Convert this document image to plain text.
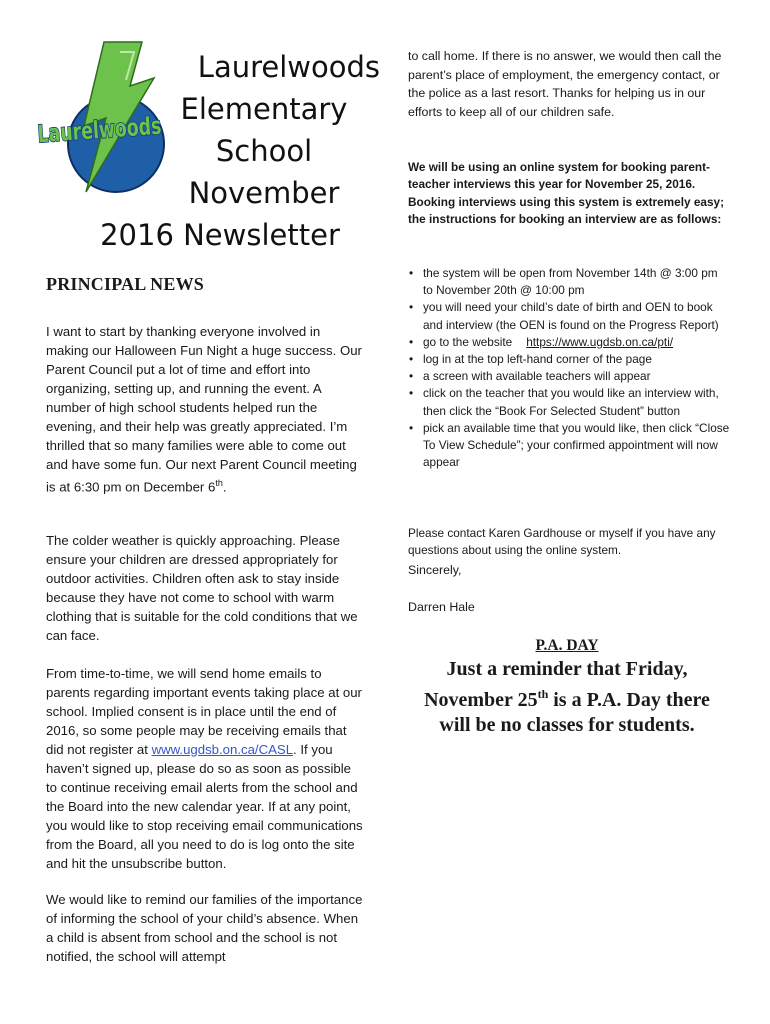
Laurelwoods
Laurelwoods
Elementary
School
November
2016 Newsletter
PRINCIPAL NEWS
I want to start by thanking everyone involved in making our Halloween Fun Night a huge success. Our Parent Council put a lot of time and effort into organizing, setting up, and running the event. A number of high school students helped run the evening, and their help was greatly appreciated. I’m thrilled that so many families were able to come out and have some fun. Our next Parent Council meeting is at 6:30 pm on December 6th.
The colder weather is quickly approaching. Please ensure your children are dressed appropriately for outdoor activities. Children often ask to stay inside because they have not come to school with warm clothing that is suitable for the cold conditions that we can face.
From time-to-time, we will send home emails to parents regarding important events taking place at our school. Implied consent is in place until the end of 2016, so some people may be receiving emails that did not register at www.ugdsb.on.ca/CASL. If you haven’t signed up, please do so as soon as possible to continue receiving email alerts from the school and the Board into the new calendar year. If at any point, you would like to stop receiving email communications from the Board, all you need to do is log onto the site and hit the unsubscribe button.
We would like to remind our families of the importance of informing the school of your child’s absence. When a child is absent from school and the school is not notified, the school will attempt
to call home. If there is no answer, we would then call the parent’s place of employment, the emergency contact, or the police as a last resort. Thanks for helping us in our efforts to keep all of our children safe.
We will be using an online system for booking parent-teacher interviews this year for November 25, 2016. Booking interviews using this system is extremely easy; the instructions for booking an interview are as follows:
• the system will be open from November 14th @ 3:00 pm to November 20th @ 10:00 pm
• you will need your child’s date of birth and OEN to book and interview (the OEN is found on the Progress Report)
• go to the website https://www.ugdsb.on.ca/pti/
• log in at the top left-hand corner of the page
• a screen with available teachers will appear
• click on the teacher that you would like an interview with, then click the “Book For Selected Student” button
• pick an available time that you would like, then click “Close To View Schedule”; your confirmed appointment will now appear
Please contact Karen Gardhouse or myself if you have any questions about using the online system.
Sincerely,
Darren Hale
P.A. DAY
Just a reminder that Friday, November 25th is a P.A. Day there will be no classes for students.
